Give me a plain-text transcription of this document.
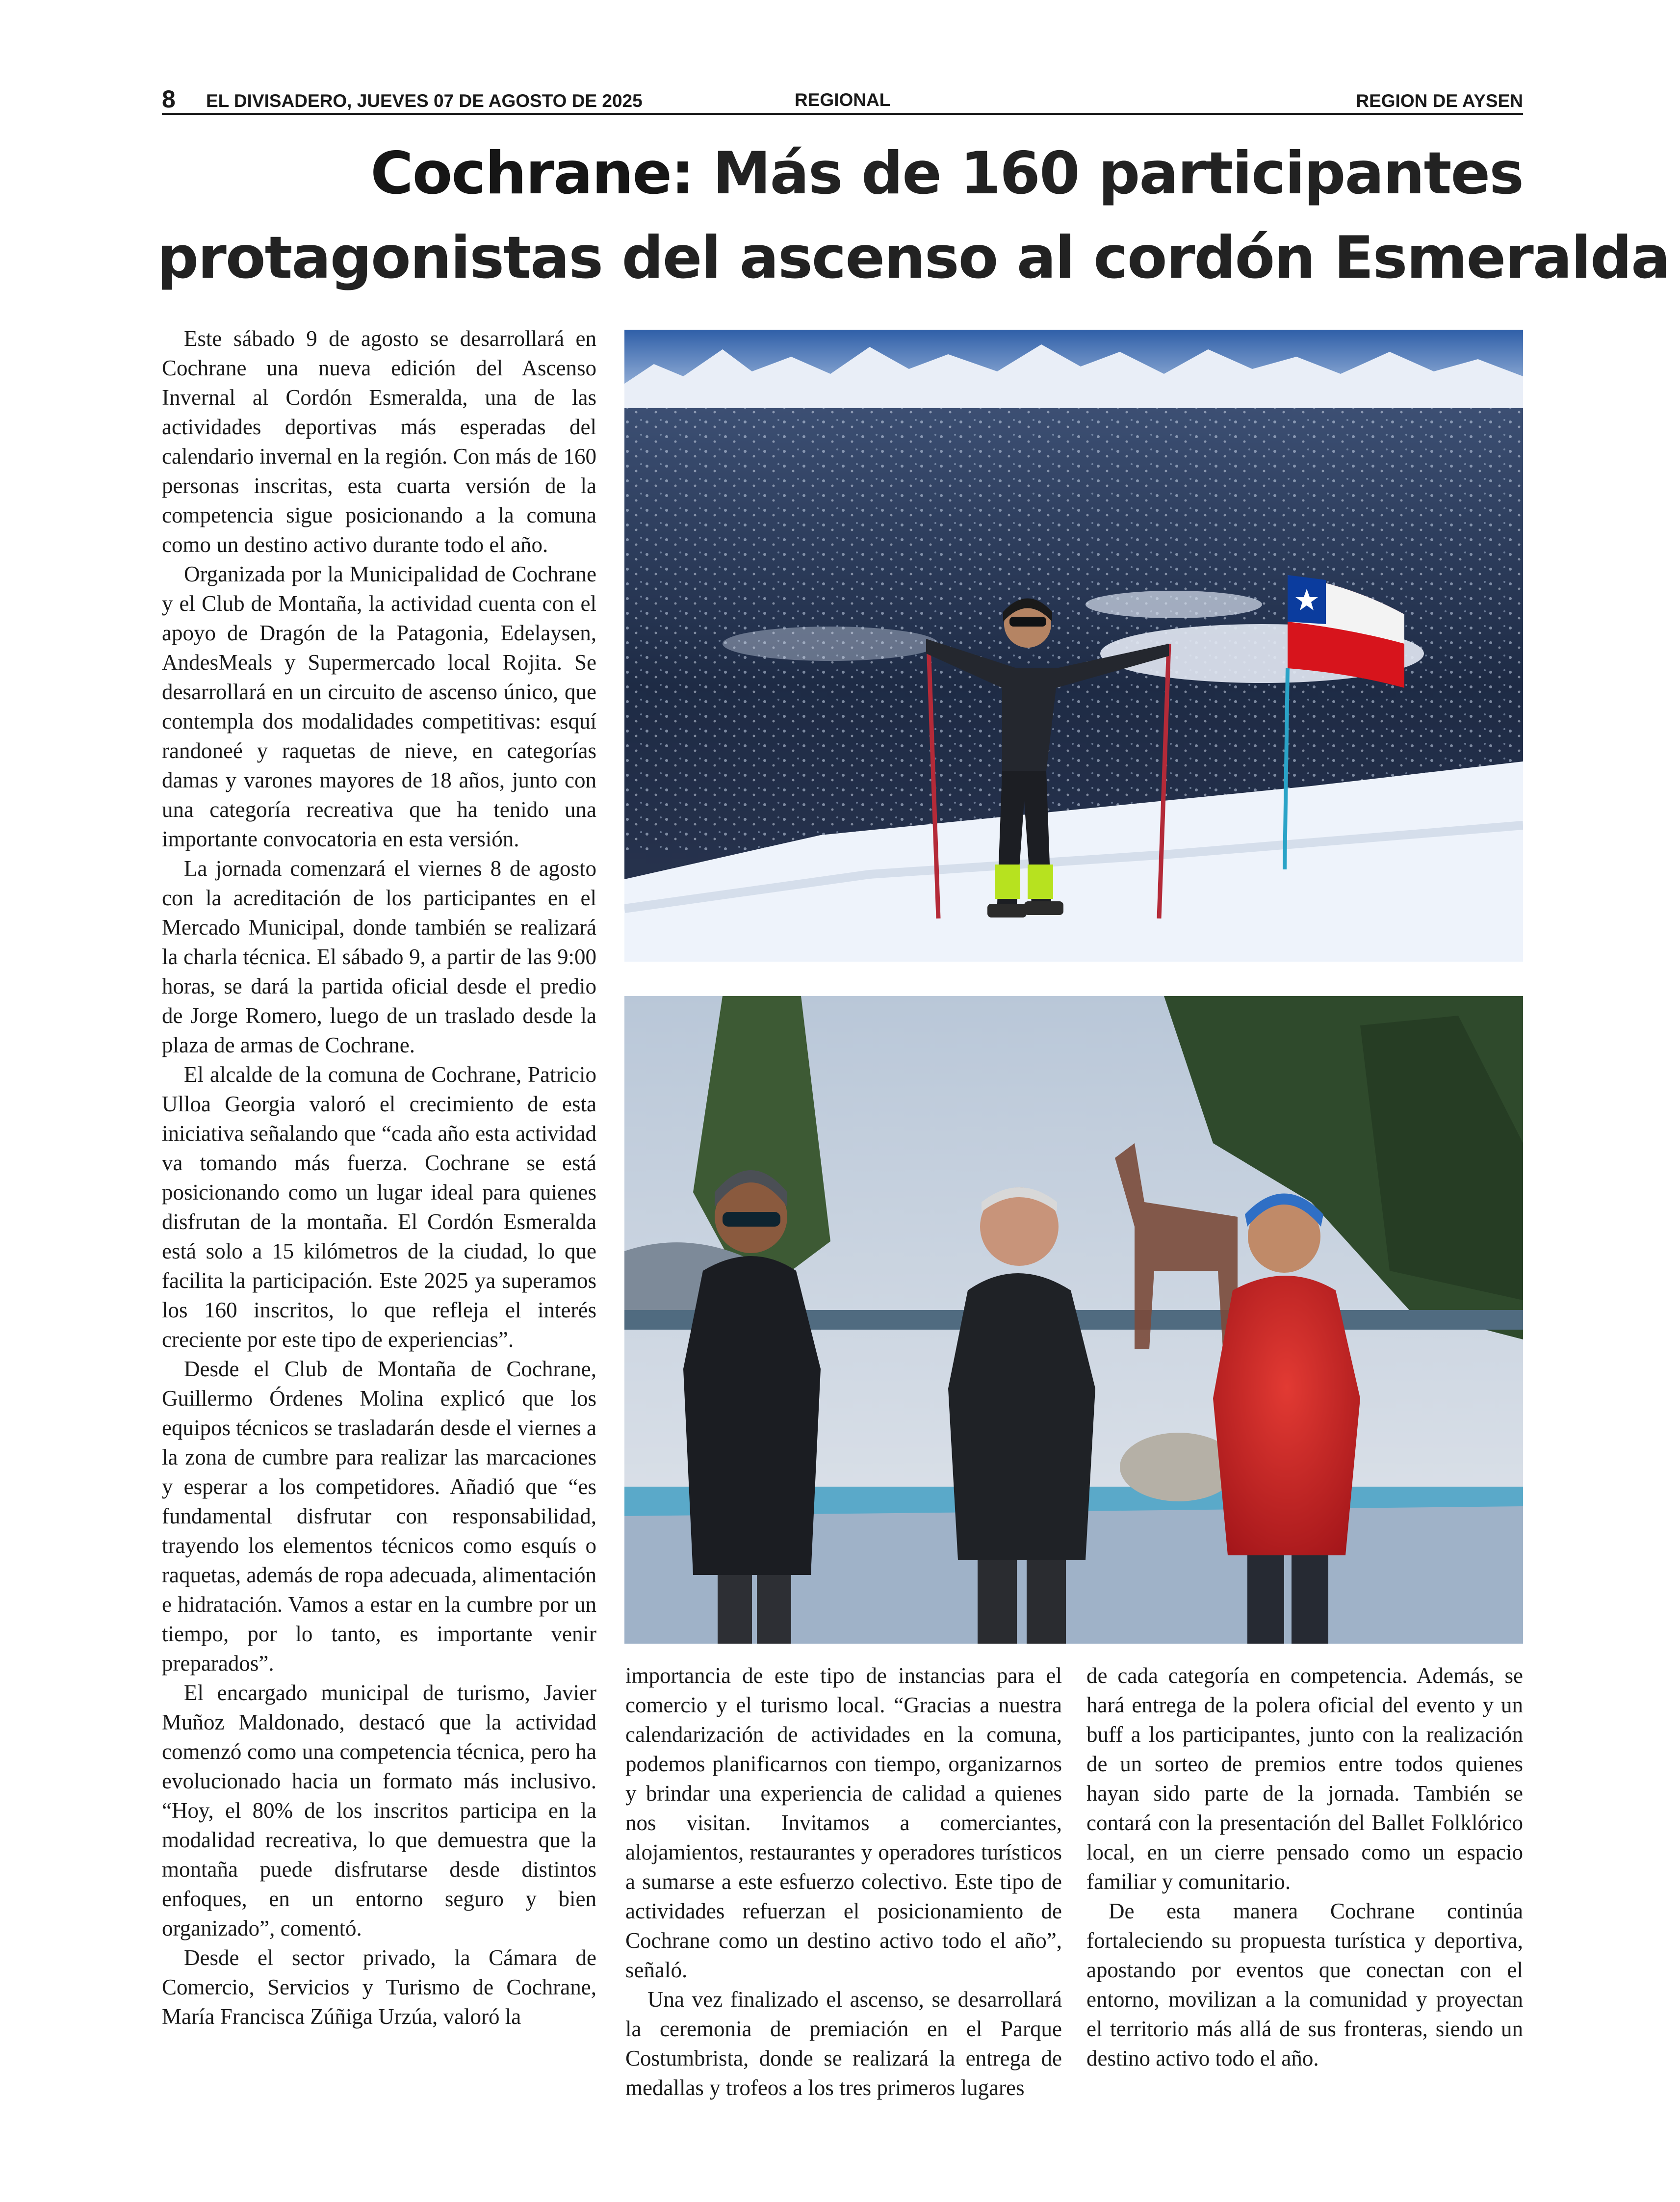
8 EL DIVISADERO, JUEVES 07 DE AGOSTO DE 2025	REGIONAL	REGION DE AYSEN
Cochrane: Más de 160 participantes
protagonistas del ascenso al cordón Esmeralda

Este sábado 9 de agosto se desarrollará en Cochrane una nueva edición del Ascenso Invernal al Cordón Esmeralda, una de las actividades deportivas más esperadas del calendario invernal en la región. Con más de 160 personas inscritas, esta cuarta versión de la competencia sigue posicionando a la comuna como un destino activo durante todo el año.

Organizada por la Municipalidad de Cochrane y el Club de Montaña, la actividad cuenta con el apoyo de Dragón de la Patagonia, Edelaysen, AndesMeals y Supermercado local Rojita. Se desarrollará en un circuito de ascenso único, que contempla dos modalidades competitivas: esquí randoneé y raquetas de nieve, en categorías damas y varones mayores de 18 años, junto con una categoría recreativa que ha tenido una importante convocatoria en esta versión.

La jornada comenzará el viernes 8 de agosto con la acreditación de los participantes en el Mercado Municipal, donde también se realizará la charla técnica. El sábado 9, a partir de las 9:00 horas, se dará la partida oficial desde el predio de Jorge Romero, luego de un traslado desde la plaza de armas de Cochrane.

El alcalde de la comuna de Cochrane, Patricio Ulloa Georgia valoró el crecimiento de esta iniciativa señalando que “cada año esta actividad va tomando más fuerza. Cochrane se está posicionando como un lugar ideal para quienes disfrutan de la montaña. El Cordón Esmeralda está solo a 15 kilómetros de la ciudad, lo que facilita la participación. Este 2025 ya superamos los 160 inscritos, lo que refleja el interés creciente por este tipo de experiencias”.

Desde el Club de Montaña de Cochrane, Guillermo Órdenes Molina explicó que los equipos técnicos se trasladarán desde el viernes a la zona de cumbre para realizar las marcaciones y esperar a los competidores. Añadió que “es fundamental disfrutar con responsabilidad, trayendo los elementos técnicos como esquís o raquetas, además de ropa adecuada, alimentación e hidratación. Vamos a estar en la cumbre por un tiempo, por lo tanto, es importante venir preparados”.

El encargado municipal de turismo, Javier Muñoz Maldonado, destacó que la actividad comenzó como una competencia técnica, pero ha evolucionado hacia un formato más inclusivo. “Hoy, el 80% de los inscritos participa en la modalidad recreativa, lo que demuestra que la montaña puede disfrutarse desde distintos enfoques, en un entorno seguro y bien organizado”, comentó.

Desde el sector privado, la Cámara de Comercio, Servicios y Turismo de Cochrane, María Francisca Zúñiga Urzúa, valoró la

importancia de este tipo de instancias para el comercio y el turismo local. “Gracias a nuestra calendarización de actividades en la comuna, podemos planificarnos con tiempo, organizarnos y brindar una experiencia de calidad a quienes nos visitan. Invitamos a comerciantes, alojamientos, restaurantes y operadores turísticos a sumarse a este esfuerzo colectivo. Este tipo de actividades refuerzan el posicionamiento de Cochrane como un destino activo todo el año”, señaló.

Una vez finalizado el ascenso, se desarrollará la ceremonia de premiación en el Parque Costumbrista, donde se realizará la entrega de medallas y trofeos a los tres primeros lugares

de cada categoría en competencia. Además, se hará entrega de la polera oficial del evento y un buff a los participantes, junto con la realización de un sorteo de premios entre todos quienes hayan sido parte de la jornada. También se contará con la presentación del Ballet Folklórico local, en un cierre pensado como un espacio familiar y comunitario.

De esta manera Cochrane continúa fortaleciendo su propuesta turística y deportiva, apostando por eventos que conectan con el entorno, movilizan a la comunidad y proyectan el territorio más allá de sus fronteras, siendo un destino activo todo el año.
